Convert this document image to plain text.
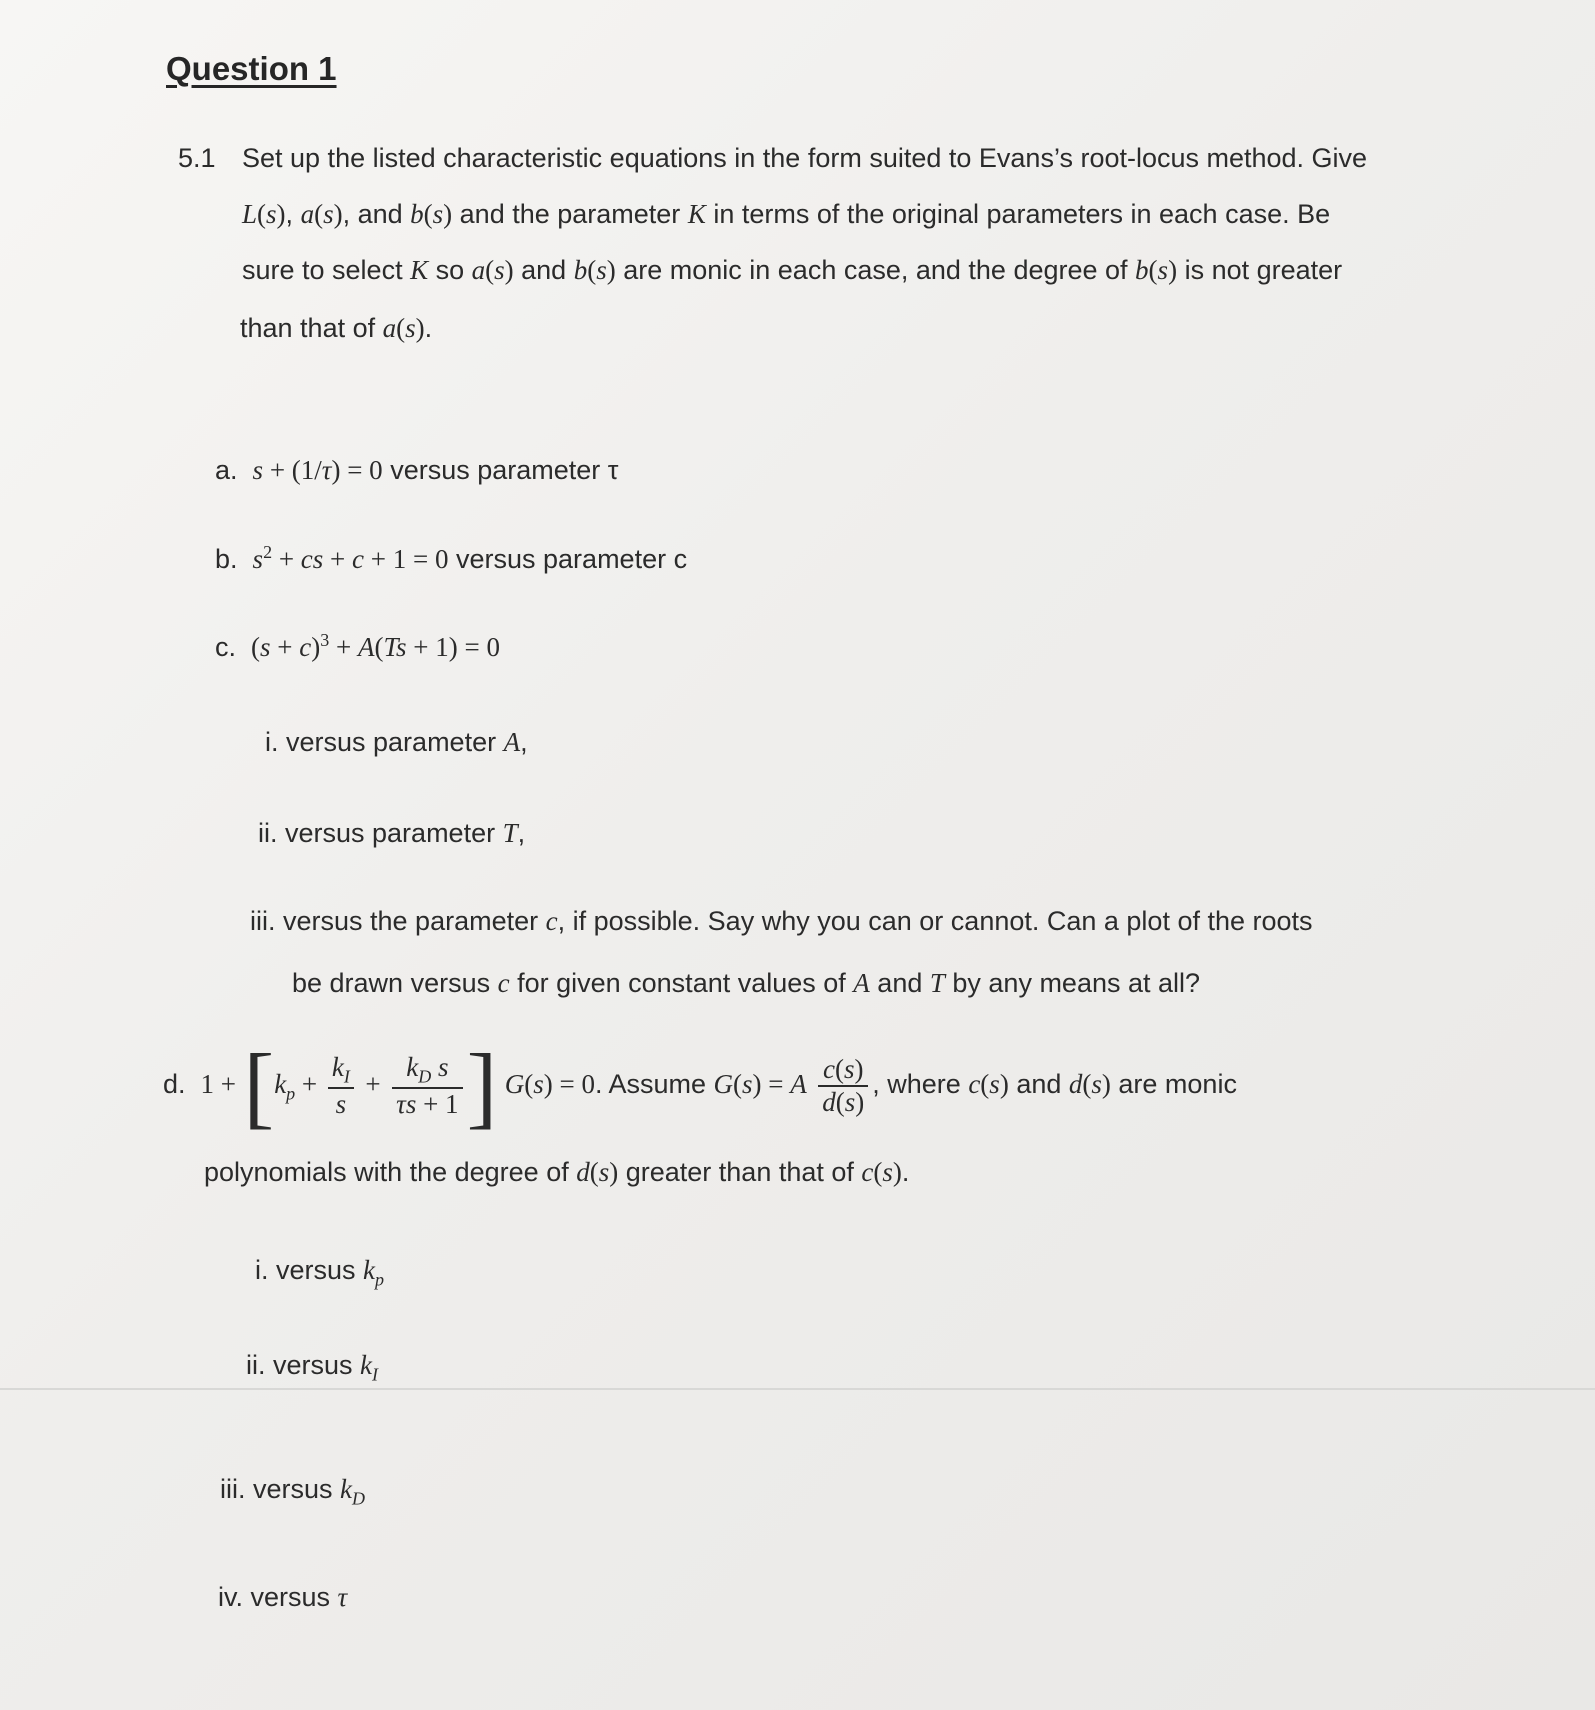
Question 1
5.1 Set up the listed characteristic equations in the form suited to Evans’s root-locus method. Give
L(s), a(s), and b(s) and the parameter K in terms of the original parameters in each case. Be
sure to select K so a(s) and b(s) are monic in each case, and the degree of b(s) is not greater
than that of a(s).
a. s + (1/τ) = 0 versus parameter τ
b. $s^2$ + cs + c + 1 = 0 versus parameter c
c. $(s + c)^3 + A(Ts + 1) = 0$
i. versus parameter A,
ii. versus parameter T,
iii. versus the parameter c, if possible. Say why you can or cannot. Can a plot of the roots
be drawn versus c for given constant values of A and T by any means at all?
d. $1 + [k_p + \frac{k_I}{s} + \frac{k_D s}{\tau s + 1}$ ] G(s) = 0. Assume G(s) = A $\frac{c(s)}{d(s)}$ , where c(s) and d(s) are monic
polynomials with the degree of d(s) greater than that of c(s).
i. versus $k_p$
ii. versus $k_I$
iii. versus $k_D$
iv. versus τ
